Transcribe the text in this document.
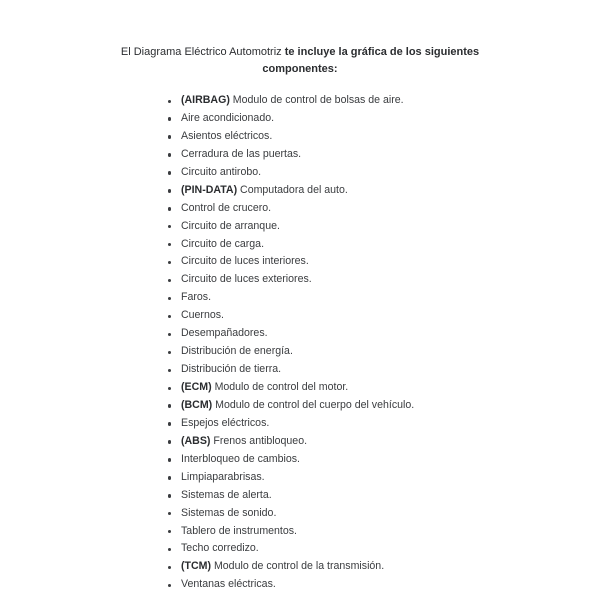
El Diagrama Eléctrico Automotriz te incluye la gráfica de los siguientes componentes:
(AIRBAG) Modulo de control de bolsas de aire.
Aire acondicionado.
Asientos eléctricos.
Cerradura de las puertas.
Circuito antirobo.
(PIN-DATA) Computadora del auto.
Control de crucero.
Circuito de arranque.
Circuito de carga.
Circuito de luces interiores.
Circuito de luces exteriores.
Faros.
Cuernos.
Desempañadores.
Distribución de energía.
Distribución de tierra.
(ECM) Modulo de control del motor.
(BCM) Modulo de control del cuerpo del vehículo.
Espejos eléctricos.
(ABS) Frenos antibloqueo.
Interbloqueo de cambios.
Limpiaparabrisas.
Sistemas de alerta.
Sistemas de sonido.
Tablero de instrumentos.
Techo corredizo.
(TCM) Modulo de control de la transmisión.
Ventanas eléctricas.
